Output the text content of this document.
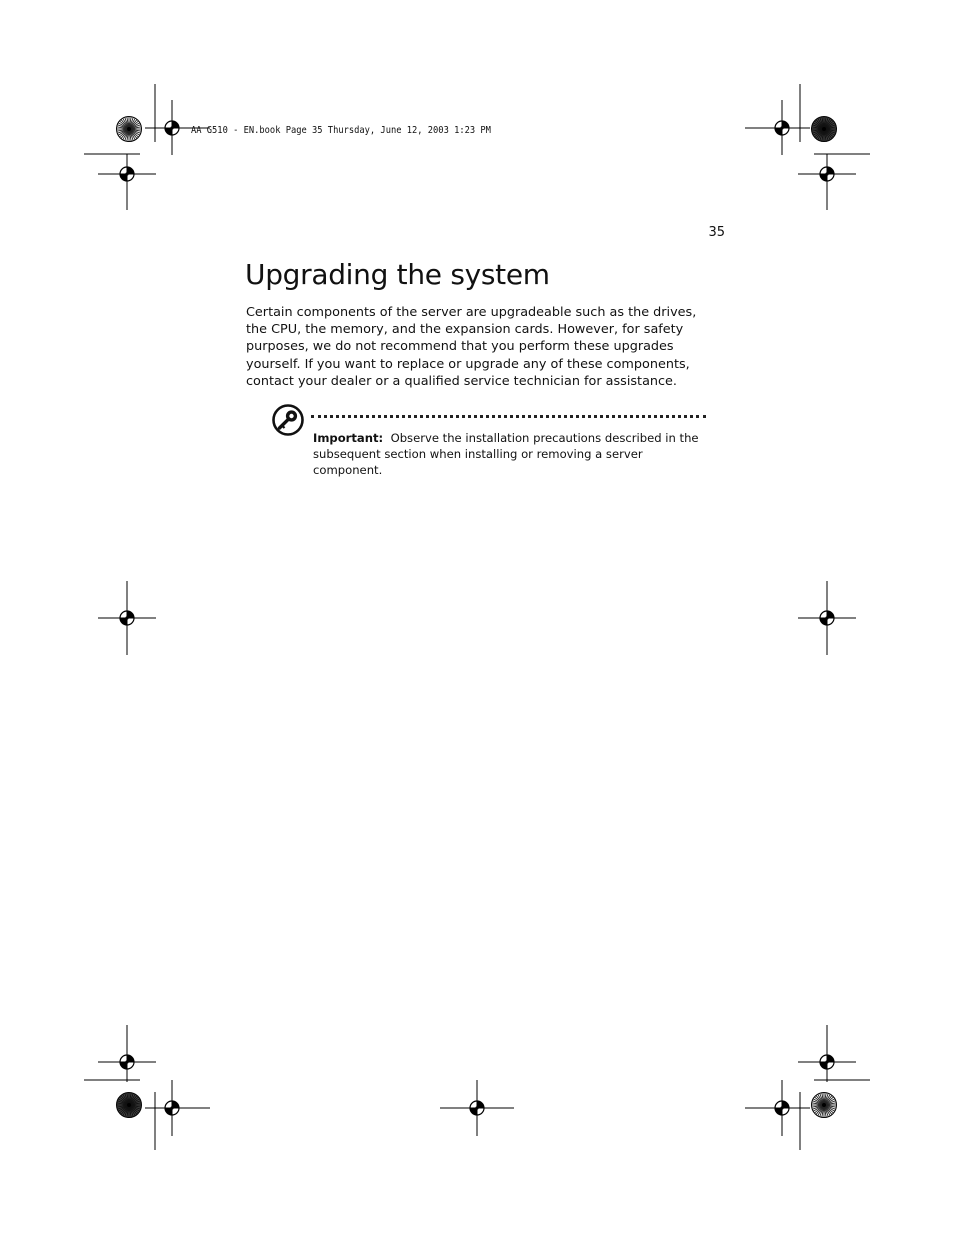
AA G510 - EN.book Page 35 Thursday, June 12, 2003 1:23 PM
35
Upgrading the system

Certain components of the server are upgradeable such as the drives, the CPU, the memory, and the expansion cards. However, for safety purposes, we do not recommend that you perform these upgrades yourself. If you want to replace or upgrade any of these components, contact your dealer or a qualified service technician for assistance.

Important: Observe the installation precautions described in the subsequent section when installing or removing a server component.
